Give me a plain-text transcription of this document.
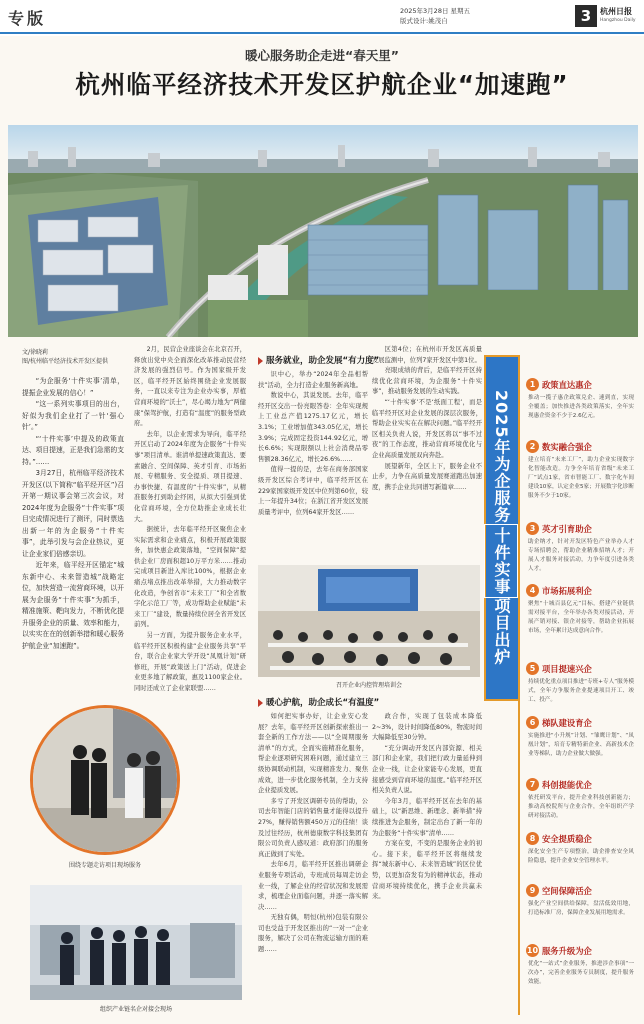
专版	2025年3月28日 星期五
版式设计:姚茂自	3	杭州日报
Hangzhou Daily
暖心服务助企走进“春天里”
杭州临平经济技术开发区护航企业“加速跑”
文/徐晓莉
图/杭州临平经济技术开发区提供

“为企服务‘十件实事’清单，提振企业发展的信心！”

“这一系列实事项目的出台，好似为我们企业打了一针‘强心针’。”

“‘十件实事’中提及的政策直达、项目提速，正是我们急需的支持。”……

3月27日，杭州临平经济技术开发区(以下简称“临平经开区”)召开第一期议事会第三次会议，对2024年度为企服务“十件实事”项目完成情况进行了测评，同时票选出新一年的为企服务“十件实事”，此举引发与会企业热议，更让企业家们倍感亲切。

近年来，临平经开区锚定“城东新中心、未来智造城”战略定位，加快营造一流营商环境，以开展为企服务“十件实事”为抓手，精准施策、靶向发力，不断优化提升服务企业的质量、效率和能力，以实实在在的创新举措和暖心服务护航企业“加速跑”。

2月，民营企业座谈会在北京召开，释放出党中央全面深化改革推动民营经济发展的强烈信号。作为国家级开发区，临平经开区始终围绕企业发展服务，一直以来专注为企业办实事，厚植营商环境的“沃土”，尽心竭力地为“两健康”保驾护航，打造有“温度”的服务型政府。

去年，以企业需求为导向，临平经开区启动了2024年度为企服务“十件实事”项目清单。谁清单提速政策直达、要素融合、空间保障、英才引育、市场拓展、专精服务、安全提质、项目提速、办事快捷、有温度的“十件实事”，从精准服务打到助企纾困，从拟大引强到优化营商环境，全方位助推企业成长壮大。

据统计，去年临平经开区聚焦企业实际需求和企业痛点，积极开展政策服务，加快惠企政策落地，“空间保障”提供企业厂房面积超10万平方米……推动完成项目新进入库比100%，根据企业痛点堵点推出改革举措，大力推动数字化改造，争创省市“未来工厂”和全省数字化示范工厂等，成功帮助企业赋能“未来工厂”建设，数量持续位居全省开发区前列。

另一方面，为提升服务企业水平，临平经开区积极构建“企业服务共享”平台，联合企业家大学开设“凤凰计划”研修班，开展“政策送上门”活动，促进企业更多地了解政策，惠及1100家企业。同时还成立了企业家联盟……

服务就业，助企发展“有力度”

识中心，举办“2024年全品相帮扶”活动，全力打造企业服务新高地。

数说中心，其说发展。去年，临平经开区交出一份亮眼答卷：全年实现规上工业总产值1275.17亿元，增长3.1%；工业增加值343.05亿元，增长3.9%；完成固定投资144.92亿元，增长6.6%；实现限额以上社会消费品零售额28.36亿元，增长26.6%……

值得一提的是，去年在商务部国家级开发区综合考评中，临平经开区在229家国家级开发区中位列第60位，较上一年提升34位；在浙江省开发区发展质量考评中，位列64家开发区……

区第4位；在杭州市开发区高质量发展监测中，位列7家开发区中第1位。

亮眼成绩的背后，是临平经开区持续优化营商环境，为企服务“十件实事”，推动服务发展的生动实践。

“‘十件实事’不是‘纸面工程’，而是临平经开区对企业发展的深层次服务，帮助企业实实在在解决问题。”临平经开区相关负责人说，开发区将以“事不过夜”的工作态度，推动营商环境优化与企业高质量发展双向奔赴。

展望新年，全区上下，服务企业不止步，力争在高质量发展赛道跑出加速度，携手企业共同谱写新篇章……

召开企业内控管理培训会
暖心护航，助企成长“有温度”

如何把实事办好，让企业安心发展？去年，临平经开区创新探索推出一套全新的工作方法——以“全周期服务清单”的方式，全面实施精准化服务，帮企业逐项研究困难问题，通过建立三级协调联动机制，实现精准发力、聚焦成效，进一步优化服务机制，全力支持企业提质发展。

多亏了开发区调研专员的帮助，公司去年智能门店的销售量才能得以提升27%，赚得销售额450万元的佳绩！谈及过往经历，杭州德康数字科技集团有限公司负责人感叹道：政府部门的服务真正做到了实处。

去年6月，临平经开区推出调研企业服务专项活动，专班成员每周走访企业一线，了解企业的经营状况和发展需求，梳理企业面临问题，并逐一落实解决……

无独有偶，明恒(杭州)包装有限公司也受益于开发区推出的“一对一”企业服务，解决了公司在物流运输方面的难题……

政合作，实现了包装成本降低2~3%，设计时间降低80%，物流时间大幅降低至30分钟。

“充分调动开发区内部资源、相关部门和企业家，我们把行政力量延伸到企业一线，让企业家能专心发展，更直接感受到营商环境的温度。”临平经开区相关负责人说。

今年3月，临平经开区在去年的基础上，以“新思维、新理念、新举措”持续推进为企服务，制定出台了新一年的为企服务“十件实事”清单……

方案在变，不变的是服务企业的初心。接下来，临平经开区将继续发挥“城东新中心、未来智造城”的区位优势，以更加奋发有为的精神状态，推动营商环境持续优化，携手企业共赢未来。

围绕专题走访项目现场服务
组织产业链名企对接会现场
2025年为企服务十件实事项目出炉
1 政策直达惠企
推动一揽子惠企政策兑企、速到直，实现全覆盖；加快推进各类政策落实，全年实现惠企资金不少于2.6亿元。
2 数实融合强企
建立培育“未来工厂”，助力企业实现数字化智能改造。力争全年培育省级“未来工厂”试点1家，省市智能工厂、数字化车间建设10家，认定企业5家；开展数字化诊断服务不少于10家。
3 英才引育助企
助企纳才，针对开发区特色产业举办人才专场招聘会，帮助企业精准招纳人才；开展人才服务对接活动，力争年度引进各类人才。
4 市场拓展利企
聚焦“十城百县亿元”目标，搭建产业链供需对接平台，全年举办各类对接活动，开展产销对接、银企对接等，帮助企业拓展市场，全年累计达成意向合作。
5 项目提速兴企
持续优化重点项目推进“专班+专人”服务模式，全年力争服务企业提速项目开工、竣工、投产。
6 梯队建设育企
实施推进“小升规”计划、“雏鹰计划”、“凤凰计划”，培育专精特新企业、高新技术企业等梯队，助力企业做大做强。
7 科创提能优企
依托研发平台，提升企业科技创新能力；推动高校院所与企业合作，全年组织产学研对接活动。
8 安全提质稳企
深化安全生产专项整治，助企排查安全风险隐患，提升企业安全管理水平。
9 空间保障活企
强化产业空间供给保障，盘活低效用地，打造标准厂房，保障企业发展用地需求。
10 服务升级为企
优化“一站式”企业服务，推进涉企事项“一次办”，完善企业服务专员制度，提升服务效能。
